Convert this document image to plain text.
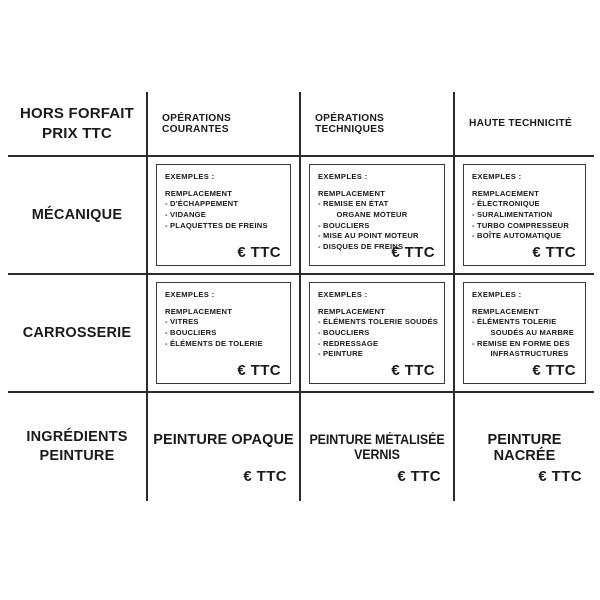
HORS FORFAIT
PRIX TTC
OPÉRATIONS COURANTES
OPÉRATIONS TECHNIQUES	HAUTE TECHNICITÉ
MÉCANIQUE
EXEMPLES :
REMPLACEMENT
- D'ÉCHAPPEMENT
- VIDANGE
- PLAQUETTES DE FREINS
€ TTC
EXEMPLES :
REMPLACEMENT
- REMISE EN ÉTAT
ORGANE MOTEUR
- BOUCLIERS
- MISE AU POINT MOTEUR
- DISQUES DE FREINS
€ TTC
EXEMPLES :
REMPLACEMENT
- ÉLECTRONIQUE
- SURALIMENTATION
- TURBO COMPRESSEUR
- BOÎTE AUTOMATIQUE
€ TTC
CARROSSERIE
EXEMPLES :
REMPLACEMENT
- VITRES
- BOUCLIERS
- ÉLÉMENTS DE TOLERIE
€ TTC
EXEMPLES :
REMPLACEMENT
- ÉLÉMENTS TOLERIE SOUDÉS
- BOUCLIERS
- REDRESSAGE
- PEINTURE
€ TTC
EXEMPLES :
REMPLACEMENT
- ÉLÉMENTS TOLERIE
SOUDÉS AU MARBRE
- REMISE EN FORME DES
INFRASTRUCTURES
€ TTC
INGRÉDIENTS
PEINTURE
PEINTURE OPAQUE
€ TTC
PEINTURE MÉTALISÉE VERNIS
€ TTC
PEINTURE NACRÉE
€ TTC
